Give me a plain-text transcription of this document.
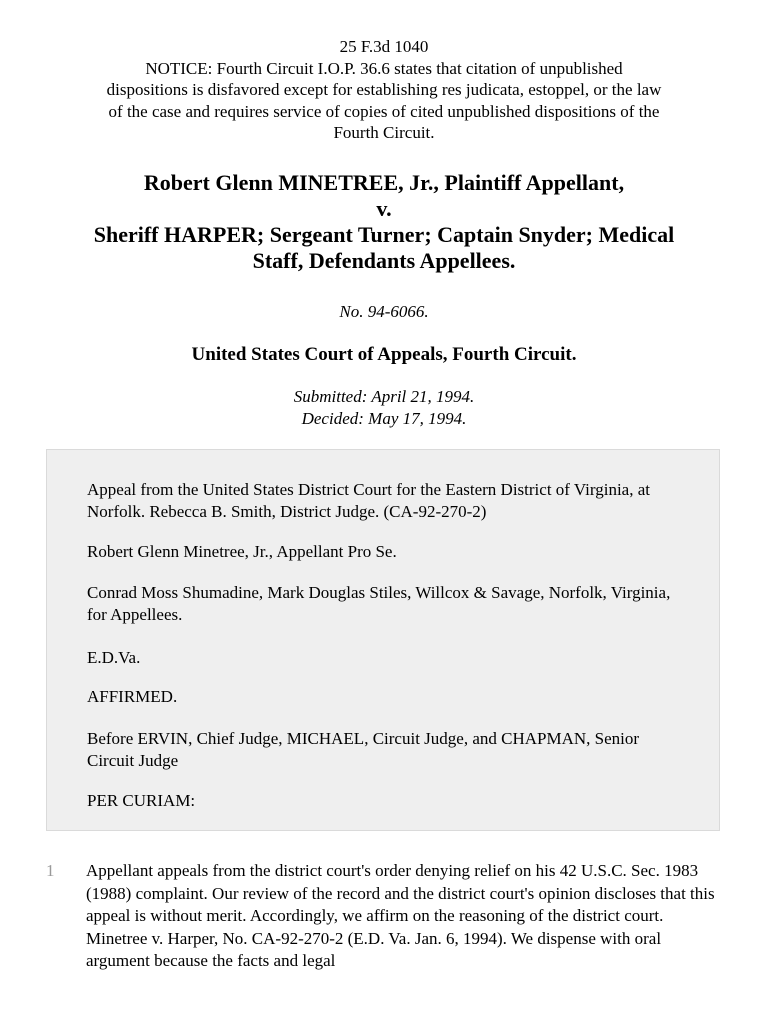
25 F.3d 1040
NOTICE: Fourth Circuit I.O.P. 36.6 states that citation of unpublished
dispositions is disfavored except for establishing res judicata, estoppel, or the law
of the case and requires service of copies of cited unpublished dispositions of the
Fourth Circuit.
Robert Glenn MINETREE, Jr., Plaintiff Appellant,
v.
Sheriff HARPER; Sergeant Turner; Captain Snyder; Medical
Staff, Defendants Appellees.
No. 94-6066.
United States Court of Appeals, Fourth Circuit.
Submitted: April 21, 1994.
Decided: May 17, 1994.

Appeal from the United States District Court for the Eastern District of Virginia, at Norfolk. Rebecca B. Smith, District Judge. (CA-92-270-2)

Robert Glenn Minetree, Jr., Appellant Pro Se.

Conrad Moss Shumadine, Mark Douglas Stiles, Willcox & Savage, Norfolk, Virginia, for Appellees.

E.D.Va.

AFFIRMED.

Before ERVIN, Chief Judge, MICHAEL, Circuit Judge, and CHAPMAN, Senior Circuit Judge

PER CURIAM:

1 Appellant appeals from the district court's order denying relief on his 42 U.S.C. Sec. 1983 (1988) complaint. Our review of the record and the district court's opinion discloses that this appeal is without merit. Accordingly, we affirm on the reasoning of the district court. Minetree v. Harper, No. CA-92-270-2 (E.D. Va. Jan. 6, 1994). We dispense with oral argument because the facts and legal
